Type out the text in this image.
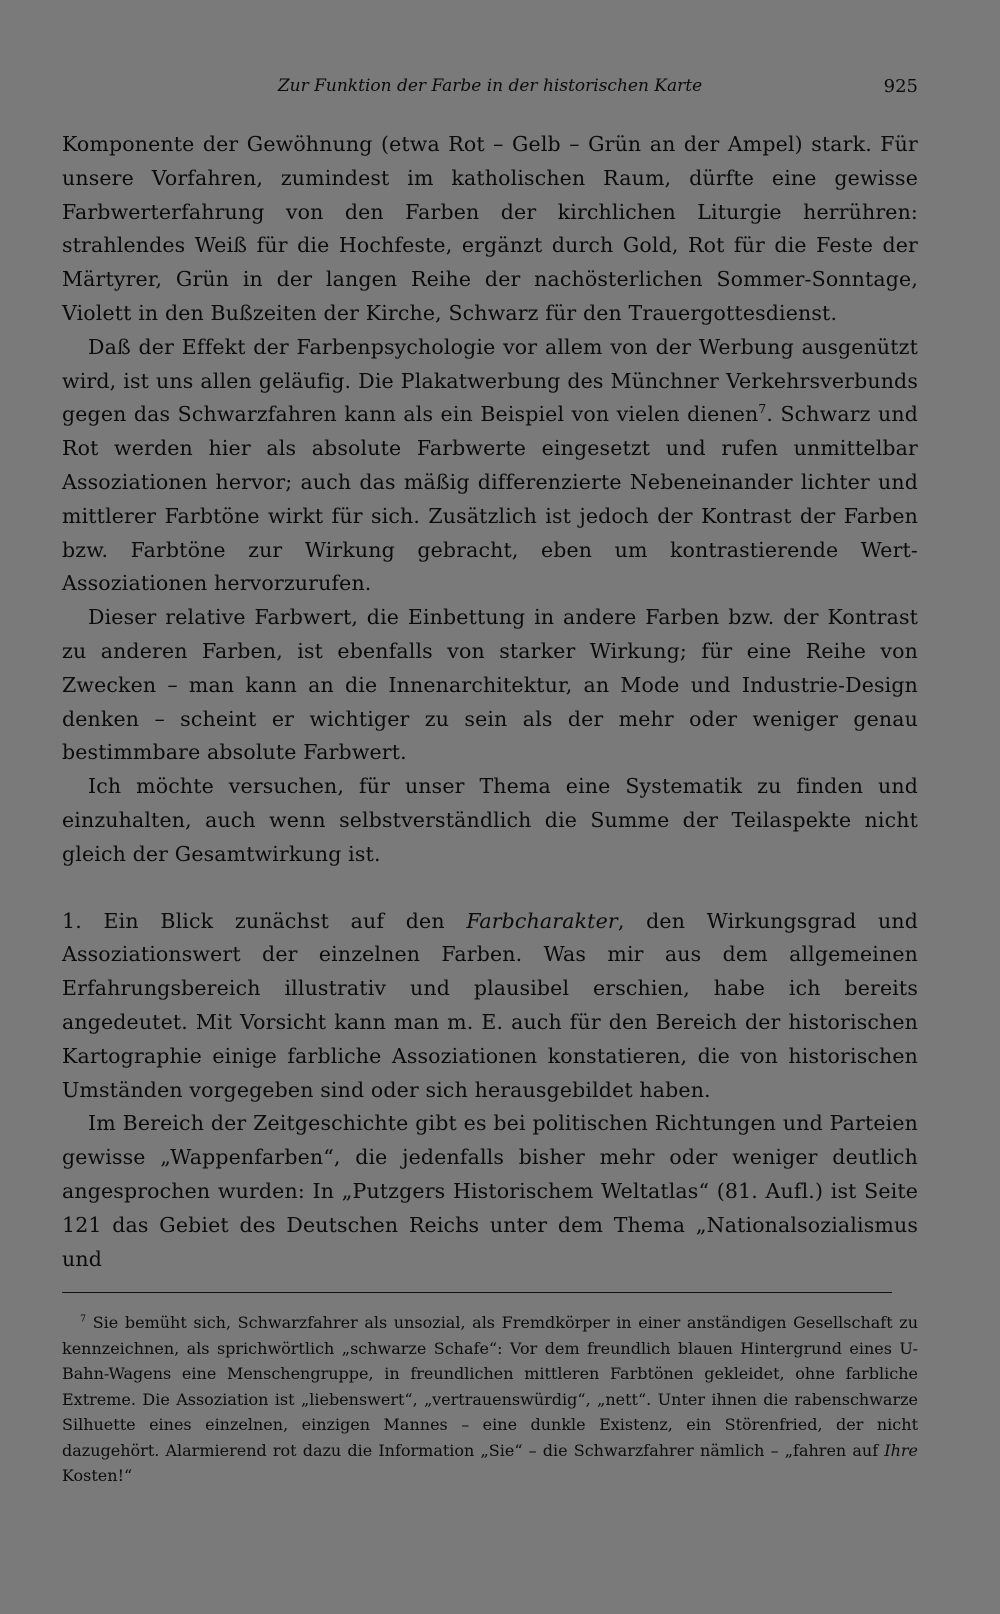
Zur Funktion der Farbe in der historischen Karte	925

Komponente der Gewöhnung (etwa Rot – Gelb – Grün an der Ampel) stark. Für unsere Vorfahren, zumindest im katholischen Raum, dürfte eine gewisse Farbwerterfahrung von den Farben der kirchlichen Liturgie herrühren: strahlendes Weiß für die Hochfeste, ergänzt durch Gold, Rot für die Feste der Märtyrer, Grün in der langen Reihe der nachösterlichen Sommer-Sonntage, Violett in den Bußzeiten der Kirche, Schwarz für den Trauergottesdienst.

Daß der Effekt der Farbenpsychologie vor allem von der Werbung ausgenützt wird, ist uns allen geläufig. Die Plakatwerbung des Münchner Verkehrsverbunds gegen das Schwarzfahren kann als ein Beispiel von vielen dienen$^7$. Schwarz und Rot werden hier als absolute Farbwerte eingesetzt und rufen unmittelbar Assoziationen hervor; auch das mäßig differenzierte Nebeneinander lichter und mittlerer Farbtöne wirkt für sich. Zusätzlich ist jedoch der Kontrast der Farben bzw. Farbtöne zur Wirkung gebracht, eben um kontrastierende Wert-Assoziationen hervorzurufen.

Dieser relative Farbwert, die Einbettung in andere Farben bzw. der Kontrast zu anderen Farben, ist ebenfalls von starker Wirkung; für eine Reihe von Zwecken – man kann an die Innenarchitektur, an Mode und Industrie-Design denken – scheint er wichtiger zu sein als der mehr oder weniger genau bestimmbare absolute Farbwert.

Ich möchte versuchen, für unser Thema eine Systematik zu finden und einzuhalten, auch wenn selbstverständlich die Summe der Teilaspekte nicht gleich der Gesamtwirkung ist.

1. Ein Blick zunächst auf den Farbcharakter, den Wirkungsgrad und Assoziationswert der einzelnen Farben. Was mir aus dem allgemeinen Erfahrungsbereich illustrativ und plausibel erschien, habe ich bereits angedeutet. Mit Vorsicht kann man m. E. auch für den Bereich der historischen Kartographie einige farbliche Assoziationen konstatieren, die von historischen Umständen vorgegeben sind oder sich herausgebildet haben.

Im Bereich der Zeitgeschichte gibt es bei politischen Richtungen und Parteien gewisse „Wappenfarben“, die jedenfalls bisher mehr oder weniger deutlich angesprochen wurden: In „Putzgers Historischem Weltatlas“ (81. Aufl.) ist Seite 121 das Gebiet des Deutschen Reichs unter dem Thema „Nationalsozialismus und

$^7$ Sie bemüht sich, Schwarzfahrer als unsozial, als Fremdkörper in einer anständigen Gesellschaft zu kennzeichnen, als sprichwörtlich „schwarze Schafe“: Vor dem freundlich blauen Hintergrund eines U-Bahn-Wagens eine Menschengruppe, in freundlichen mittleren Farbtönen gekleidet, ohne farbliche Extreme. Die Assoziation ist „liebenswert“, „vertrauenswürdig“, „nett“. Unter ihnen die rabenschwarze Silhuette eines einzelnen, einzigen Mannes – eine dunkle Existenz, ein Störenfried, der nicht dazugehört. Alarmierend rot dazu die Information „Sie“ – die Schwarzfahrer nämlich – „fahren auf Ihre Kosten!“
